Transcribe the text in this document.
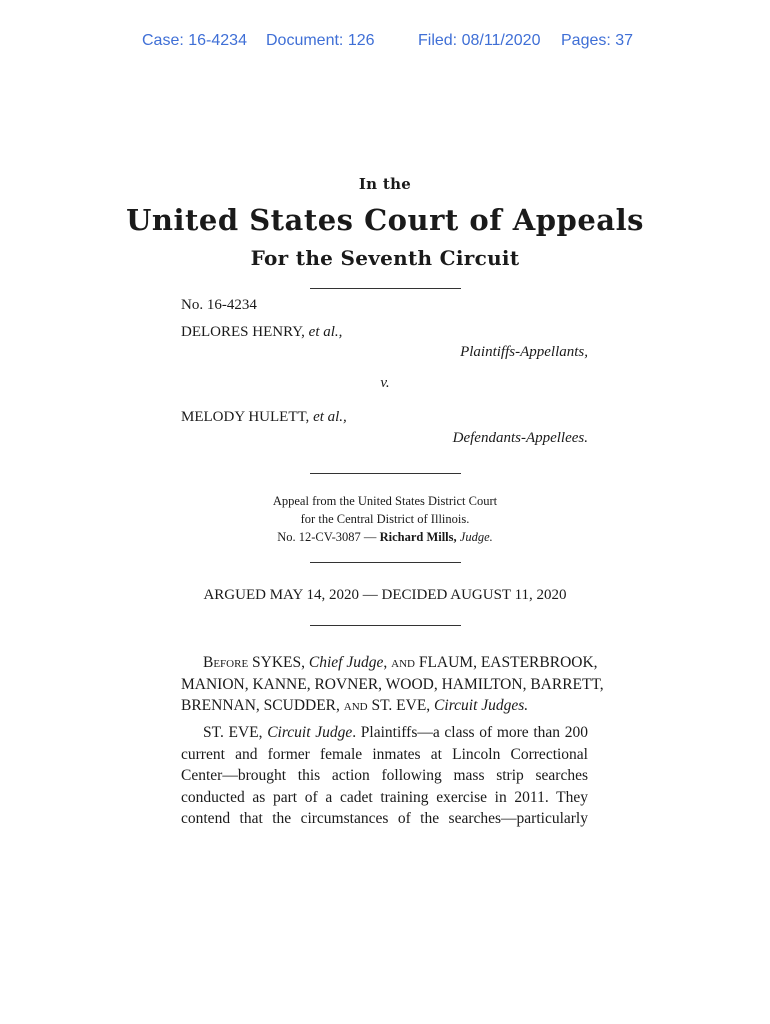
Case: 16-4234 Document: 126	Filed: 08/11/2020 Pages: 37
In the
United States Court of Appeals
For the Seventh Circuit
No. 16-4234
DELORES HENRY, et al.,
Plaintiffs-Appellants,
v.
MELODY HULETT, et al.,
Defendants-Appellees.
Appeal from the United States District Court
for the Central District of Illinois.
No. 12-CV-3087 — Richard Mills, Judge.
ARGUED MAY 14, 2020 — DECIDED AUGUST 11, 2020
Before SYKES, Chief Judge, and FLAUM, EASTERBROOK,
MANION, KANNE, ROVNER, WOOD, HAMILTON, BARRETT,
BRENNAN, SCUDDER, and ST. EVE, Circuit Judges.
ST. EVE, Circuit Judge. Plaintiffs—a class of more than 200
current and former female inmates at Lincoln Correctional
Center—brought this action following mass strip searches
conducted as part of a cadet training exercise in 2011. They
contend that the circumstances of the searches—particularly
